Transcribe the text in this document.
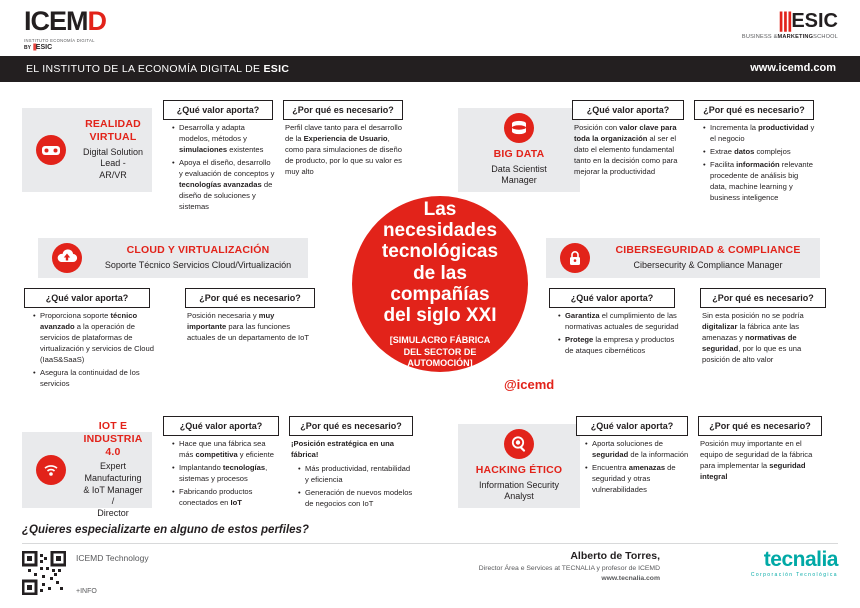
ICEMD
INSTITUTO ECONOMÍA DIGITAL
BY |||ESIC
|||ESIC
BUSINESS &MARKETINGSCHOOL
EL INSTITUTO DE LA ECONOMÍA DIGITAL DE ESIC	www.icemd.com
Las
necesidades
tecnológicas
de las compañías
del siglo XXI
[SIMULACRO FÁBRICA
DEL SECTOR DE
AUTOMOCIÓN]
@icemd
REALIDAD VIRTUAL
Digital Solution Lead -
AR/VR
¿Qué valor aporta?
• Desarrolla y adapta modelos, métodos y simulaciones existentes
• Apoya el diseño, desarrollo y evaluación de conceptos y tecnologías avanzadas de diseño de soluciones y sistemas
¿Por qué es necesario?
Perfil clave tanto para el desarrollo de la Experiencia de Usuario, como para simulaciones de diseño de producto, por lo que su valor es muy alto
BIG DATA
Data Scientist
Manager
¿Qué valor aporta?
Posición con valor clave para toda la organización al ser el dato el elemento fundamental tanto en la decisión como para mejorar la productividad
¿Por qué es necesario?
• Incrementa la productividad y el negocio
• Extrae datos complejos
• Facilita información relevante procedente de análisis big data, machine learning y business inteligence
CLOUD Y VIRTUALIZACIÓN
Soporte Técnico Servicios Cloud/Virtualización
¿Qué valor aporta?
• Proporciona soporte técnico avanzado a la operación de servicios de plataformas de virtualización y servicios de Cloud (IaaS&SaaS)
• Asegura la continuidad de los servicios
¿Por qué es necesario?
Posición necesaria y muy importante para las funciones actuales de un departamento de IoT
CIBERSEGURIDAD & COMPLIANCE
Cibersecurity & Compliance Manager
¿Qué valor aporta?
• Garantiza el cumplimiento de las normativas actuales de seguridad
• Protege la empresa y productos de ataques cibernéticos
¿Por qué es necesario?
Sin esta posición no se podría digitalizar la fábrica ante las amenazas y normativas de seguridad, por lo que es una posición de alto valor
IOT E INDUSTRIA 4.0
Expert Manufacturing
& IoT Manager /
Director
¿Qué valor aporta?
• Hace que una fábrica sea más competitiva y eficiente
• Implantando tecnologías, sistemas y procesos
• Fabricando productos conectados en IoT
¿Por qué es necesario?
¡Posición estratégica en una fábrica!
• Más productividad, rentabilidad y eficiencia
• Generación de nuevos modelos de negocios con IoT
HACKING ÉTICO
Information Security
Analyst
¿Qué valor aporta?
• Aporta soluciones de seguridad de la información
• Encuentra amenazas de seguridad y otras vulnerabilidades
¿Por qué es necesario?
Posición muy importante en el equipo de seguridad de la fábrica para implementar la seguridad integral
¿Quieres especializarte en alguno de estos perfiles?
ICEMD Technology
+INFO
Alberto de Torres,
Director Área e Services at TECNALIA y profesor de ICEMD
www.tecnalia.com
tecnalia
Corporación Tecnológica
